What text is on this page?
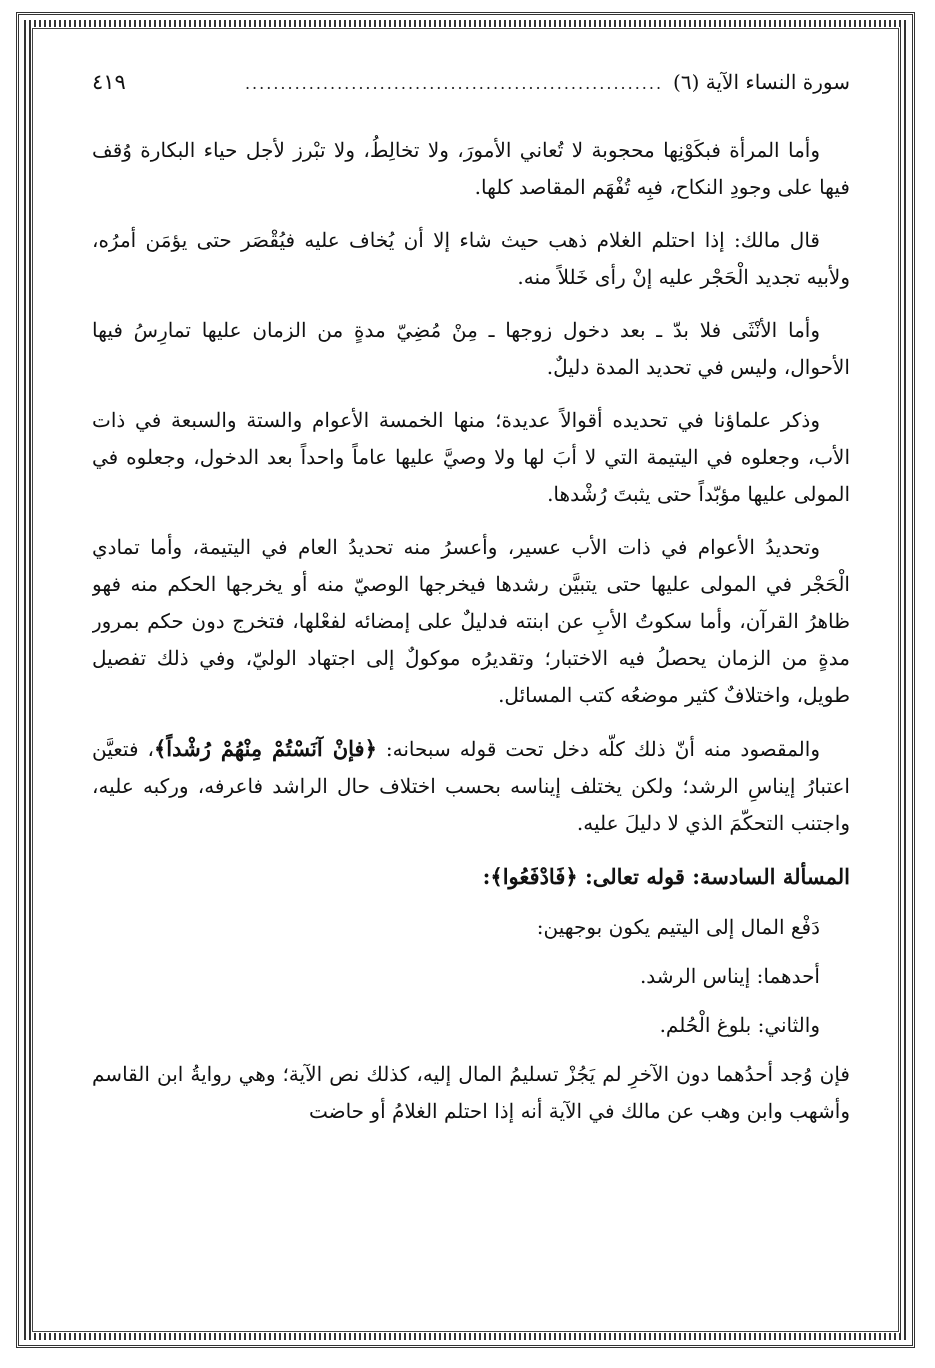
سورة النساء الآية (٦)
...........................................................
٤١٩

وأما المرأة فبكَوْنِها محجوبة لا تُعاني الأمورَ، ولا تخالِطُ، ولا تبْرز لأجل حياء البكارة وُقف فيها على وجودِ النكاح، فبِه تُفْهَم المقاصد كلها.

قال مالك: إذا احتلم الغلام ذهب حيث شاء إلا أن يُخاف عليه فيُقْصَر حتى يؤمَن أمرُه، ولأبيه تجديد الْحَجْر عليه إنْ رأى خَللاً منه.

وأما الأنْثَى فلا بدّ ـ بعد دخول زوجها ـ مِنْ مُضِيّ مدةٍ من الزمان عليها تمارِسُ فيها الأحوال، وليس في تحديد المدة دليلٌ.

وذكر علماؤنا في تحديده أقوالاً عديدة؛ منها الخمسة الأعوام والستة والسبعة في ذات الأب، وجعلوه في اليتيمة التي لا أبَ لها ولا وصيَّ عليها عاماً واحداً بعد الدخول، وجعلوه في المولى عليها مؤبّداً حتى يثبتَ رُشْدها.

وتحديدُ الأعوام في ذات الأب عسير، وأعسرُ منه تحديدُ العام في اليتيمة، وأما تمادي الْحَجْر في المولى عليها حتى يتبيَّن رشدها فيخرجها الوصيّ منه أو يخرجها الحكم منه فهو ظاهرُ القرآن، وأما سكوتُ الأبِ عن ابنته فدليلٌ على إمضائه لفعْلها، فتخرج دون حكم بمرور مدةٍ من الزمان يحصلُ فيه الاختبار؛ وتقديرُه موكولٌ إلى اجتهاد الوليّ، وفي ذلك تفصيل طويل، واختلافٌ كثير موضعُه كتب المسائل.

والمقصود منه أنّ ذلك كلّه دخل تحت قوله سبحانه: ﴿فإنْ آنَسْتُمْ مِنْهُمْ رُشْداً﴾، فتعيَّن اعتبارُ إيناسِ الرشد؛ ولكن يختلف إيناسه بحسب اختلاف حال الراشد فاعرفه، وركبه عليه، واجتنب التحكّمَ الذي لا دليلَ عليه.

المسألة السادسة: قوله تعالى: ﴿فَادْفَعُوا﴾:

دَفْع المال إلى اليتيم يكون بوجهين:

أحدهما: إيناس الرشد.

والثاني: بلوغ الْحُلم.

فإن وُجد أحدُهما دون الآخرِ لم يَجُزْ تسليمُ المال إليه، كذلك نص الآية؛ وهي روايةُ ابن القاسم وأشهب وابن وهب عن مالك في الآية أنه إذا احتلم الغلامُ أو حاضت
